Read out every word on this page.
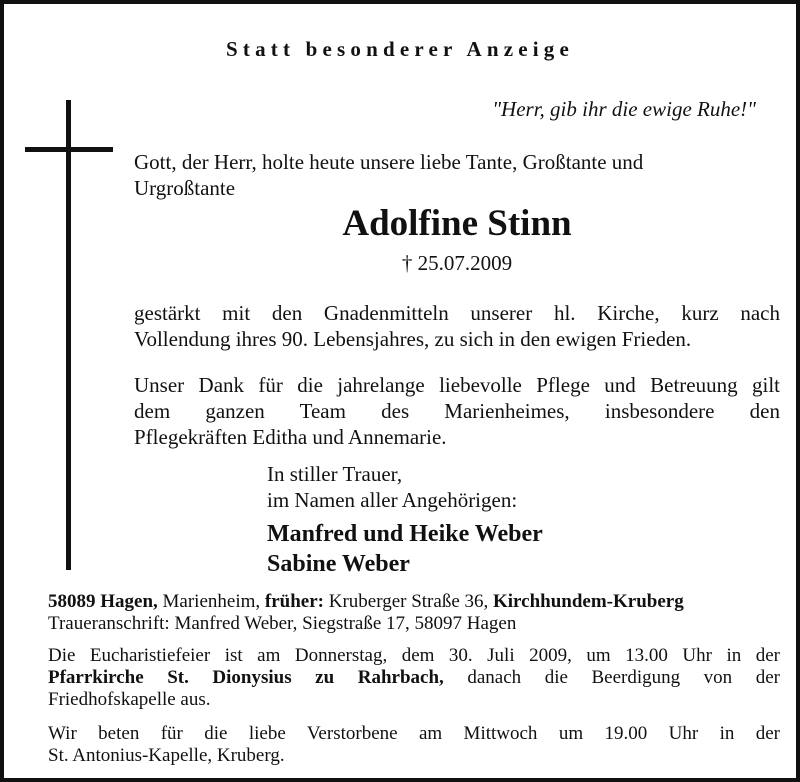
Statt besonderer Anzeige
"Herr, gib ihr die ewige Ruhe!"
Gott, der Herr, holte heute unsere liebe Tante, Großtante und
Urgroßtante
Adolfine Stinn
† 25.07.2009
gestärkt mit den Gnadenmitteln unserer hl. Kirche, kurz nach
Vollendung ihres 90. Lebensjahres, zu sich in den ewigen Frieden.
Unser Dank für die jahrelange liebevolle Pflege und Betreuung gilt
dem ganzen Team des Marienheimes, insbesondere den
Pflegekräften Editha und Annemarie.
In stiller Trauer,
im Namen aller Angehörigen:
Manfred und Heike Weber
Sabine Weber
58089 Hagen, Marienheim, früher: Kruberger Straße 36, Kirchhundem-Kruberg
Traueranschrift: Manfred Weber, Siegstraße 17, 58097 Hagen
Die Eucharistiefeier ist am Donnerstag, dem 30. Juli 2009, um 13.00 Uhr in der
Pfarrkirche St. Dionysius zu Rahrbach, danach die Beerdigung von der
Friedhofskapelle aus.
Wir beten für die liebe Verstorbene am Mittwoch um 19.00 Uhr in der
St. Antonius-Kapelle, Kruberg.
